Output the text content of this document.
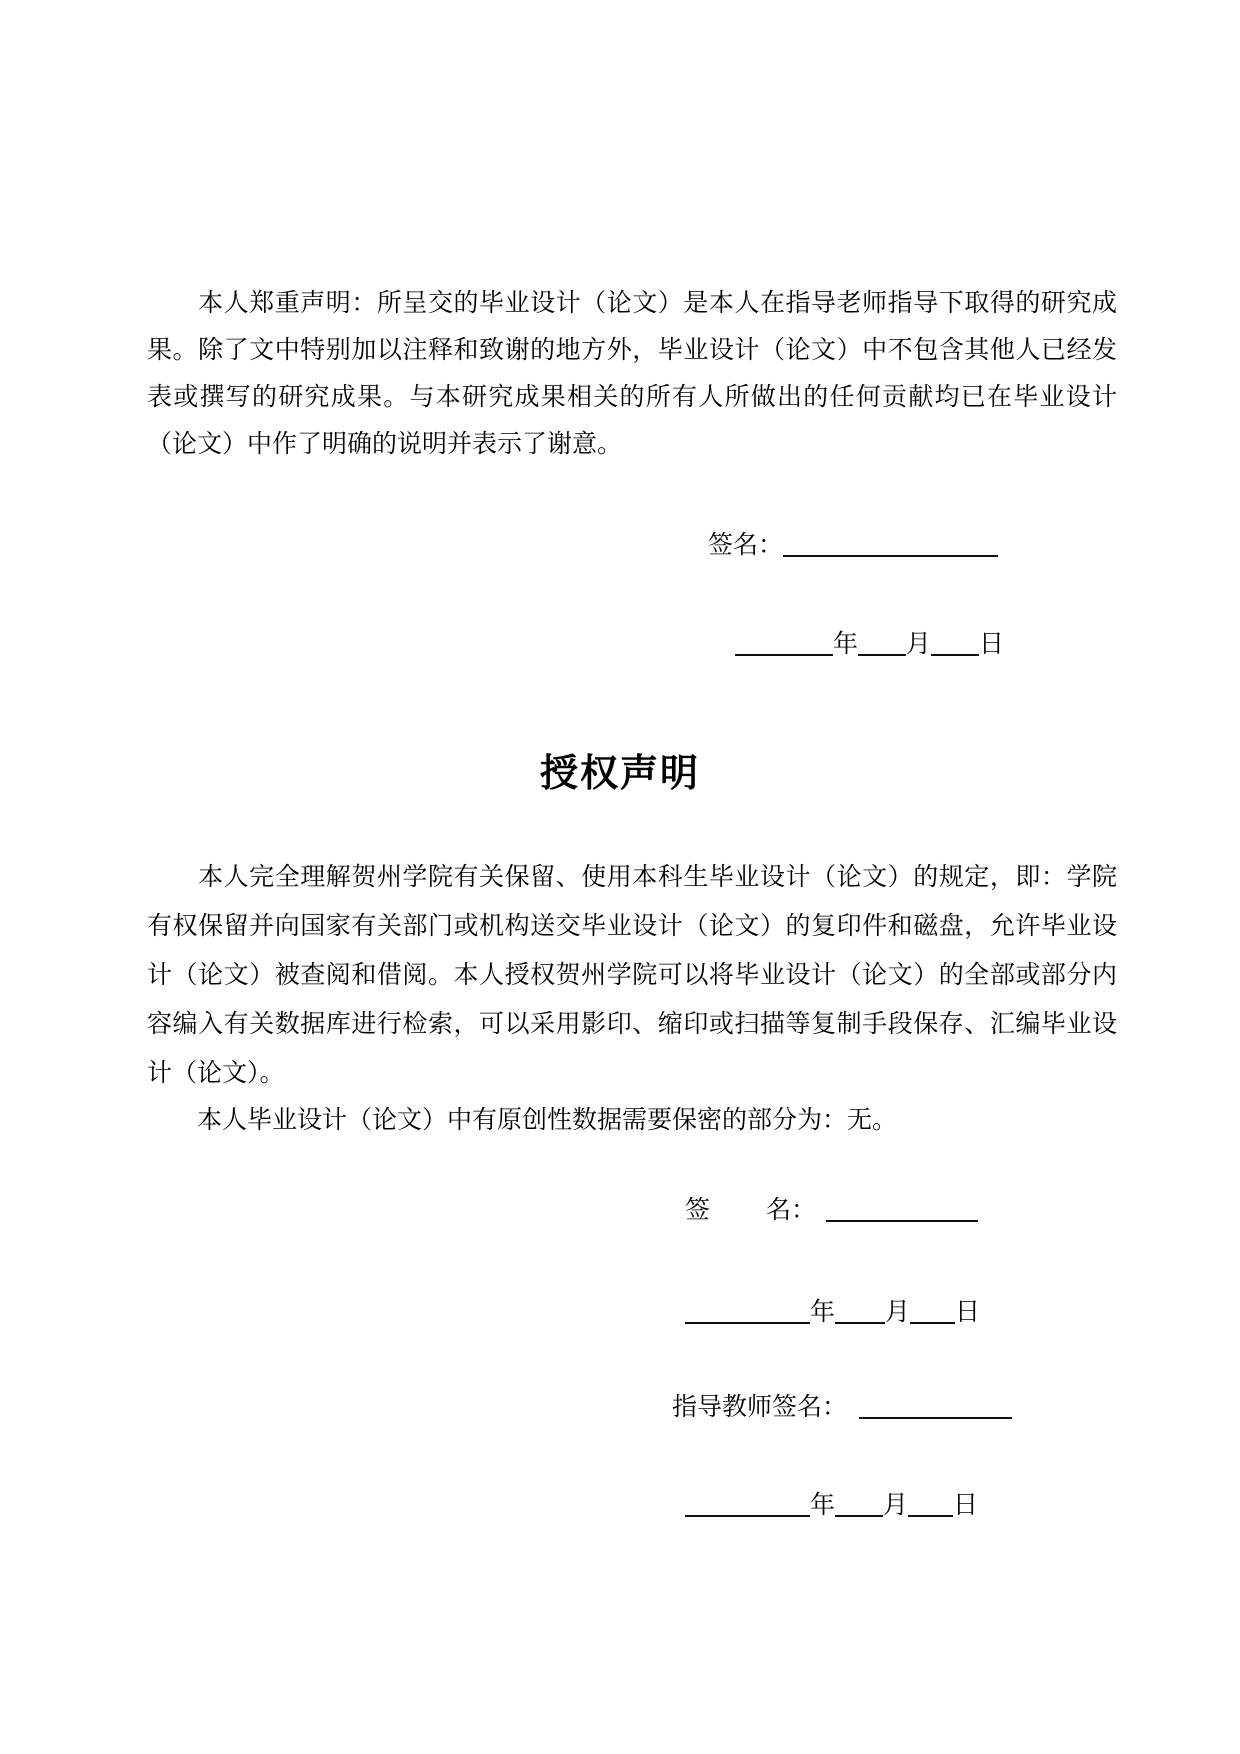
　　本人郑重声明：所呈交的毕业设计（论文）是本人在指导老师指导下取得的研究成
果。除了文中特别加以注释和致谢的地方外，毕业设计（论文）中不包含其他人已经发
表或撰写的研究成果。与本研究成果相关的所有人所做出的任何贡献均已在毕业设计
（论文）中作了明确的说明并表示了谢意。
签名：
年 月 日
授权声明
　　本人完全理解贺州学院有关保留、使用本科生毕业设计（论文）的规定，即：学院
有权保留并向国家有关部门或机构送交毕业设计（论文）的复印件和磁盘，允许毕业设
计（论文）被查阅和借阅。本人授权贺州学院可以将毕业设计（论文）的全部或部分内
容编入有关数据库进行检索，可以采用影印、缩印或扫描等复制手段保存、汇编毕业设
计（论文）。
　　本人毕业设计（论文）中有原创性数据需要保密的部分为：无。
签 名：
年 月 日
指导教师签名：
年 月 日
